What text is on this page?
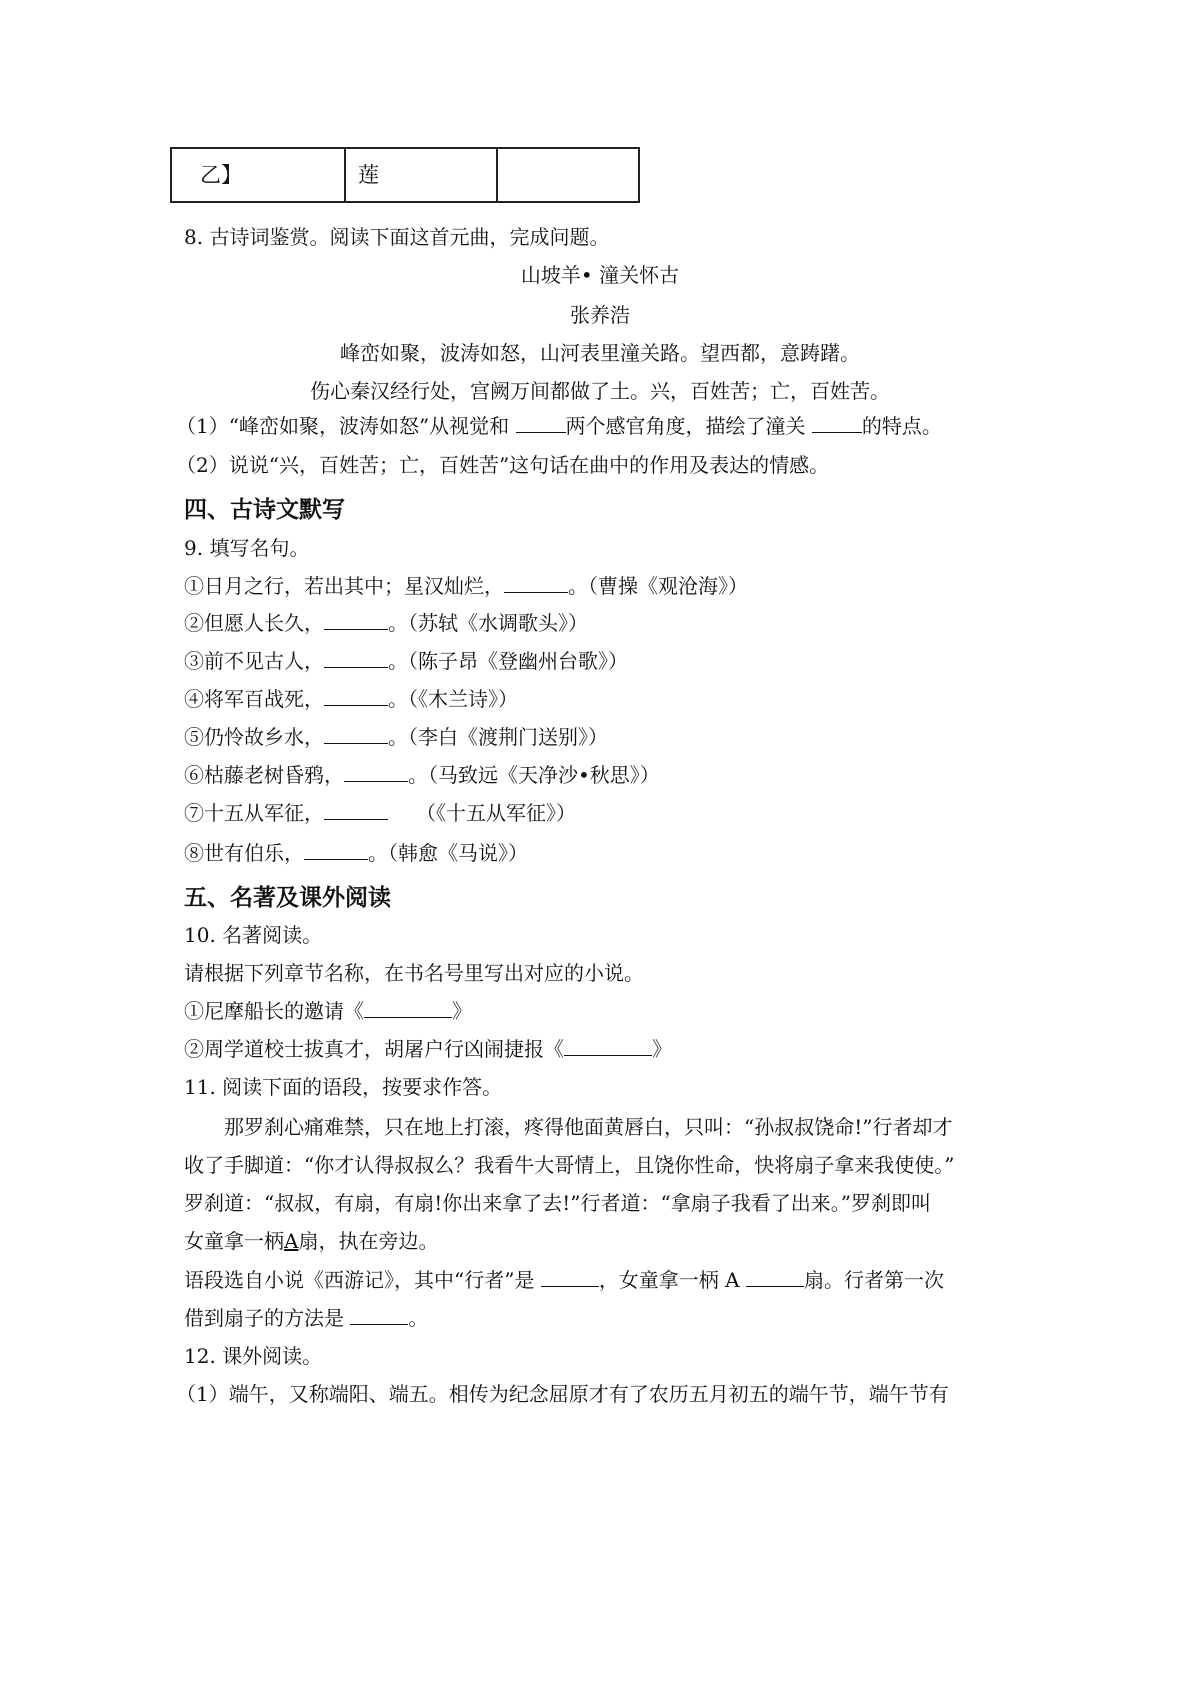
乙】	莲	
8. 古诗词鉴赏。阅读下面这首元曲，完成问题。
山坡羊• 潼关怀古
张养浩
峰峦如聚，波涛如怒，山河表里潼关路。望西都，意踌躇。
伤心秦汉经行处，宫阙万间都做了土。兴，百姓苦；亡，百姓苦。
（1）“峰峦如聚，波涛如怒”从视觉和	两个感官角度，描绘了潼关	的特点。
（2）说说“兴，百姓苦；亡，百姓苦”这句话在曲中的作用及表达的情感。
四、古诗文默写
9. 填写名句。
①日月之行，若出其中；星汉灿烂，	。（曹操《观沧海》）
②但愿人长久，	。（苏轼《水调歌头》）
③前不见古人，	。（陈子昂《登幽州台歌》）
④将军百战死，	。（《木兰诗》）
⑤仍怜故乡水，	。（李白《渡荆门送别》）
⑥枯藤老树昏鸦，	。（马致远《天净沙•秋思》）
⑦十五从军征，	（《十五从军征》）
⑧世有伯乐，	。（韩愈《马说》）
五、名著及课外阅读
10. 名著阅读。
请根据下列章节名称，在书名号里写出对应的小说。
①尼摩船长的邀请《	》
②周学道校士拔真才，胡屠户行凶闹捷报《	》
11. 阅读下面的语段，按要求作答。
那罗刹心痛难禁，只在地上打滚，疼得他面黄唇白，只叫：“孙叔叔饶命!”行者却才
收了手脚道：“你才认得叔叔么？我看牛大哥情上，且饶你性命，快将扇子拿来我使使。”
罗刹道：“叔叔，有扇，有扇!你出来拿了去!”行者道：“拿扇子我看了出来。”罗刹即叫
女童拿一柄A扇，执在旁边。
语段选自小说《西游记》，其中“行者”是	，女童拿一柄 A	扇。行者第一次
借到扇子的方法是	。
12. 课外阅读。
（1）端午，又称端阳、端五。相传为纪念屈原才有了农历五月初五的端午节，端午节有
